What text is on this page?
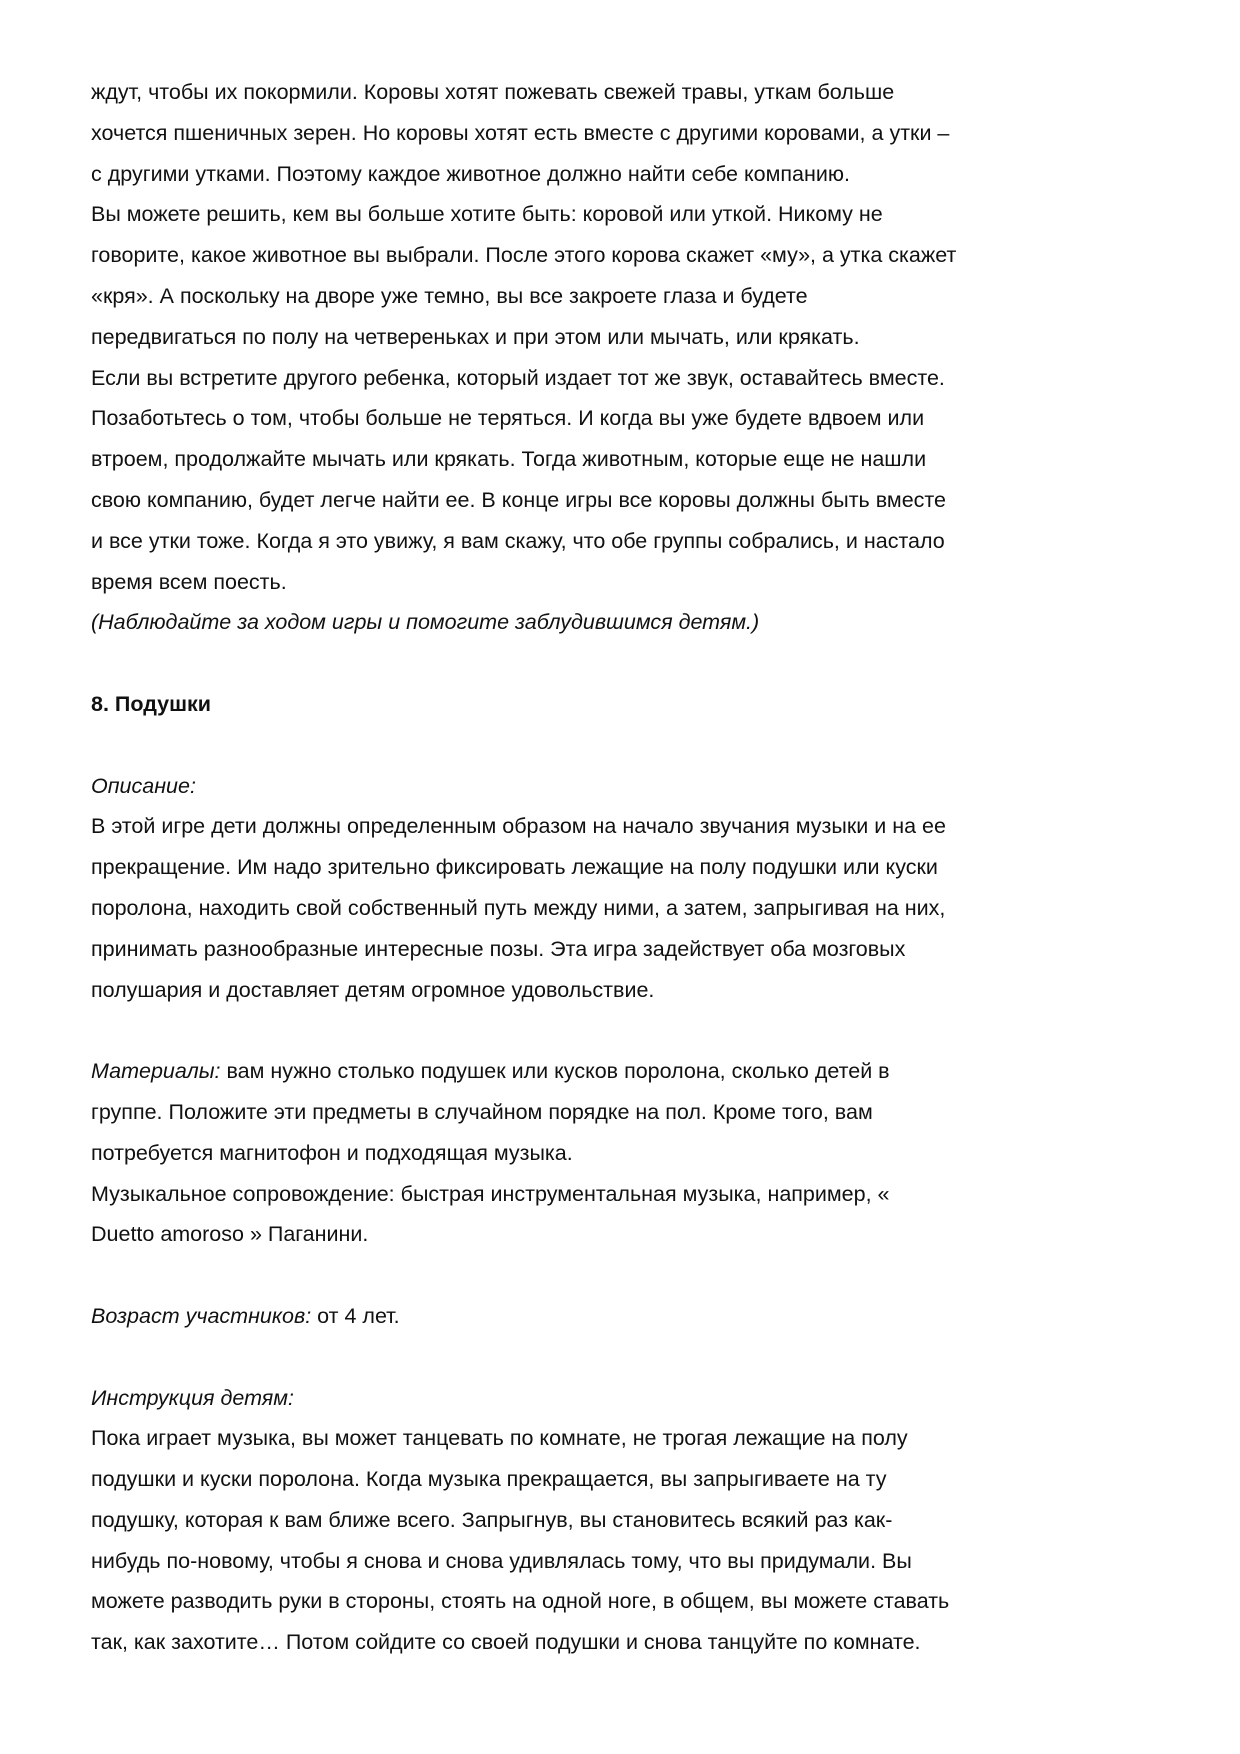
ждут, чтобы их покормили. Коровы хотят пожевать свежей травы, уткам больше
хочется пшеничных зерен. Но коровы хотят есть вместе с другими коровами, а утки –
с другими утками. Поэтому каждое животное должно найти себе компанию.
Вы можете решить, кем вы больше хотите быть: коровой или уткой. Никому не
говорите, какое животное вы выбрали. После этого корова скажет «му», а утка скажет
«кря». А поскольку на дворе уже темно, вы все закроете глаза и будете
передвигаться по полу на четвереньках и при этом или мычать, или крякать.
Если вы встретите другого ребенка, который издает тот же звук, оставайтесь вместе.
Позаботьтесь о том, чтобы больше не теряться. И когда вы уже будете вдвоем или
втроем, продолжайте мычать или крякать. Тогда животным, которые еще не нашли
свою компанию, будет легче найти ее. В конце игры все коровы должны быть вместе
и все утки тоже. Когда я это увижу, я вам скажу, что обе группы собрались, и настало
время всем поесть.
(Наблюдайте за ходом игры и помогите заблудившимся детям.)
8. Подушки
Описание:
В этой игре дети должны определенным образом на начало звучания музыки и на ее
прекращение. Им надо зрительно фиксировать лежащие на полу подушки или куски
поролона, находить свой собственный путь между ними, а затем, запрыгивая на них,
принимать разнообразные интересные позы. Эта игра задействует оба мозговых
полушария и доставляет детям огромное удовольствие.
Материалы: вам нужно столько подушек или кусков поролона, сколько детей в
группе. Положите эти предметы в случайном порядке на пол. Кроме того, вам
потребуется магнитофон и подходящая музыка.
Музыкальное сопровождение: быстрая инструментальная музыка, например, «
Duetto amoroso » Паганини.
Возраст участников: от 4 лет.
Инструкция детям:
Пока играет музыка, вы может танцевать по комнате, не трогая лежащие на полу
подушки и куски поролона. Когда музыка прекращается, вы запрыгиваете на ту
подушку, которая к вам ближе всего. Запрыгнув, вы становитесь всякий раз как-
нибудь по-новому, чтобы я снова и снова удивлялась тому, что вы придумали. Вы
можете разводить руки в стороны, стоять на одной ноге, в общем, вы можете ставать
так, как захотите… Потом сойдите со своей подушки и снова танцуйте по комнате.
